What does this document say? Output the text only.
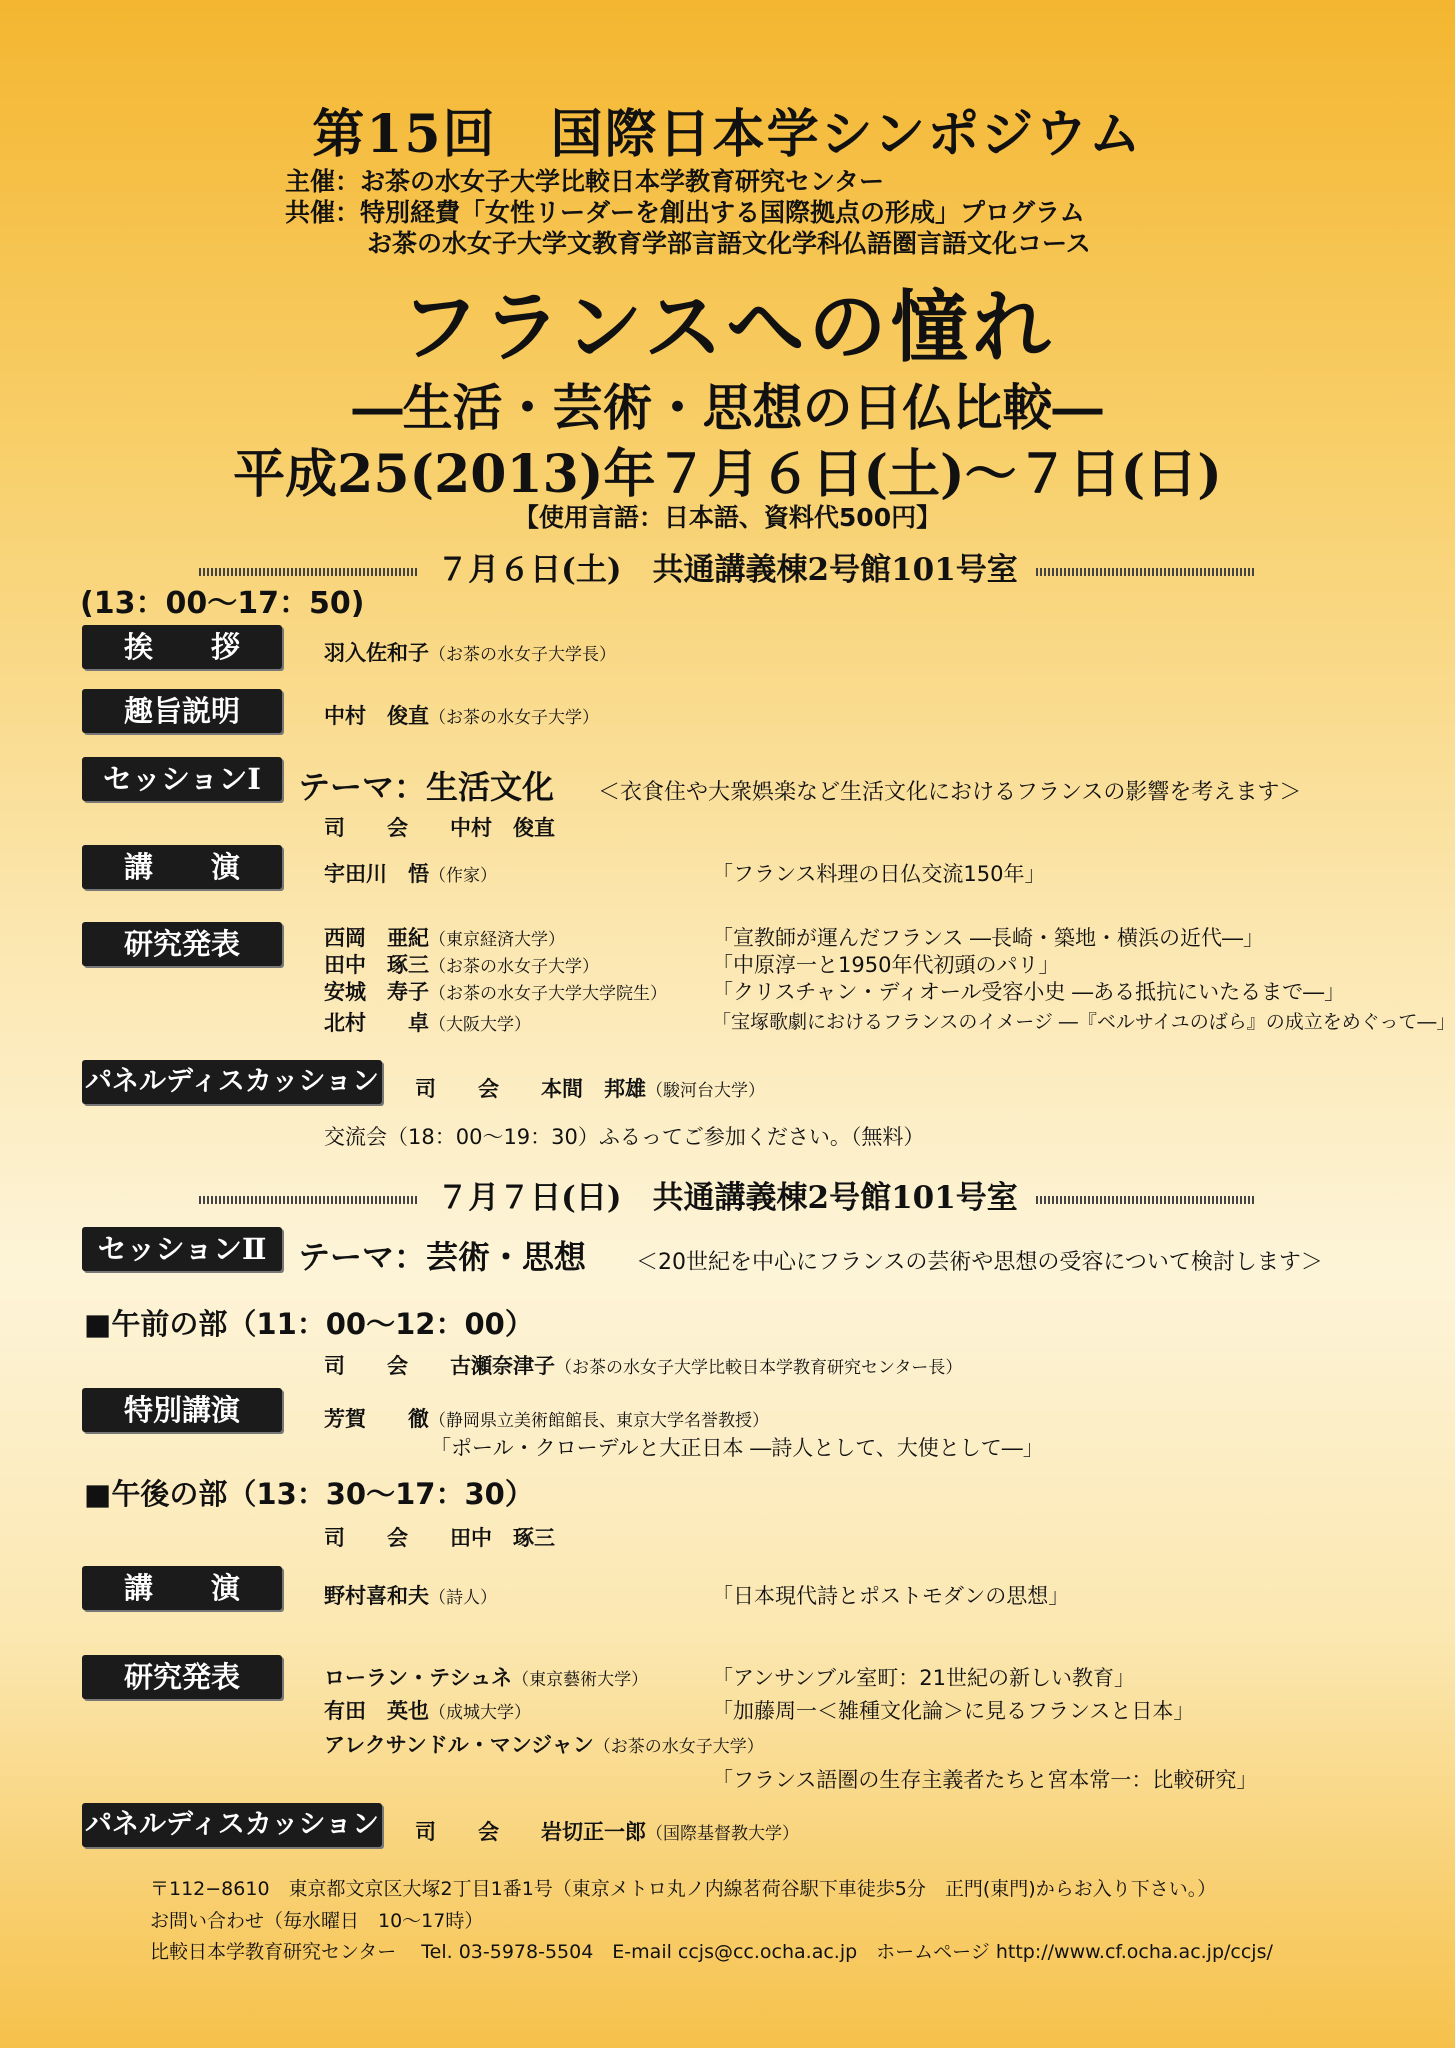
第15回　国際日本学シンポジウム
主催：お茶の水女子大学比較日本学教育研究センター
共催：特別経費「女性リーダーを創出する国際拠点の形成」プログラム
お茶の水女子大学文教育学部言語文化学科仏語圏言語文化コース
フランスへの憧れ
―生活・芸術・思想の日仏比較―
平成25(2013)年７月６日(土)～７日(日)
【使用言語：日本語、資料代500円】
７月６日(土)　共通講義棟2号館101号室
(13：00～17：50)
挨　　拶	羽入佐和子（お茶の水女子大学長）
趣旨説明	中村　俊直（お茶の水女子大学）
セッションⅠ	テーマ：生活文化 ＜衣食住や大衆娯楽など生活文化におけるフランスの影響を考えます＞
司　　会　　中村　俊直
講　　演	宇田川　悟（作家）	「フランス料理の日仏交流150年」
研究発表	西岡　亜紀（東京経済大学）	「宣教師が運んだフランス ―長崎・築地・横浜の近代―」
田中　琢三（お茶の水女子大学）	「中原淳一と1950年代初頭のパリ」
安城　寿子（お茶の水女子大学大学院生） 「クリスチャン・ディオール受容小史 ―ある抵抗にいたるまで―」
北村　　卓（大阪大学）	「宝塚歌劇におけるフランスのイメージ ―『ベルサイユのばら』の成立をめぐって―」
パネルディスカッション 司　　会　　本間　邦雄（駿河台大学）
交流会（18：00～19：30）ふるってご参加ください。（無料）
７月７日(日)　共通講義棟2号館101号室
セッションⅡ テーマ：芸術・思想 ＜20世紀を中心にフランスの芸術や思想の受容について検討します＞
■午前の部（11：00～12：00）
司　　会　　古瀬奈津子（お茶の水女子大学比較日本学教育研究センター長）
特別講演	芳賀　　徹（静岡県立美術館館長、東京大学名誉教授）
「ポール・クローデルと大正日本 ―詩人として、大使として―」
■午後の部（13：30～17：30）
司　　会　　田中　琢三
講　　演	野村喜和夫（詩人）	「日本現代詩とポストモダンの思想」
研究発表	ローラン・テシュネ（東京藝術大学）	「アンサンブル室町：21世紀の新しい教育」
有田　英也（成城大学）	「加藤周一＜雑種文化論＞に見るフランスと日本」
アレクサンドル・マンジャン（お茶の水女子大学）
「フランス語圏の生存主義者たちと宮本常一：比較研究」
パネルディスカッション 司　　会　　岩切正一郎（国際基督教大学）
〒112−8610　東京都文京区大塚2丁目1番1号（東京メトロ丸ノ内線茗荷谷駅下車徒歩5分　正門(東門)からお入り下さい。）
お問い合わせ（毎水曜日　10〜17時）
比較日本学教育研究センター　 Tel. 03-5978-5504　E-mail ccjs@cc.ocha.ac.jp　ホームページ http://www.cf.ocha.ac.jp/ccjs/
